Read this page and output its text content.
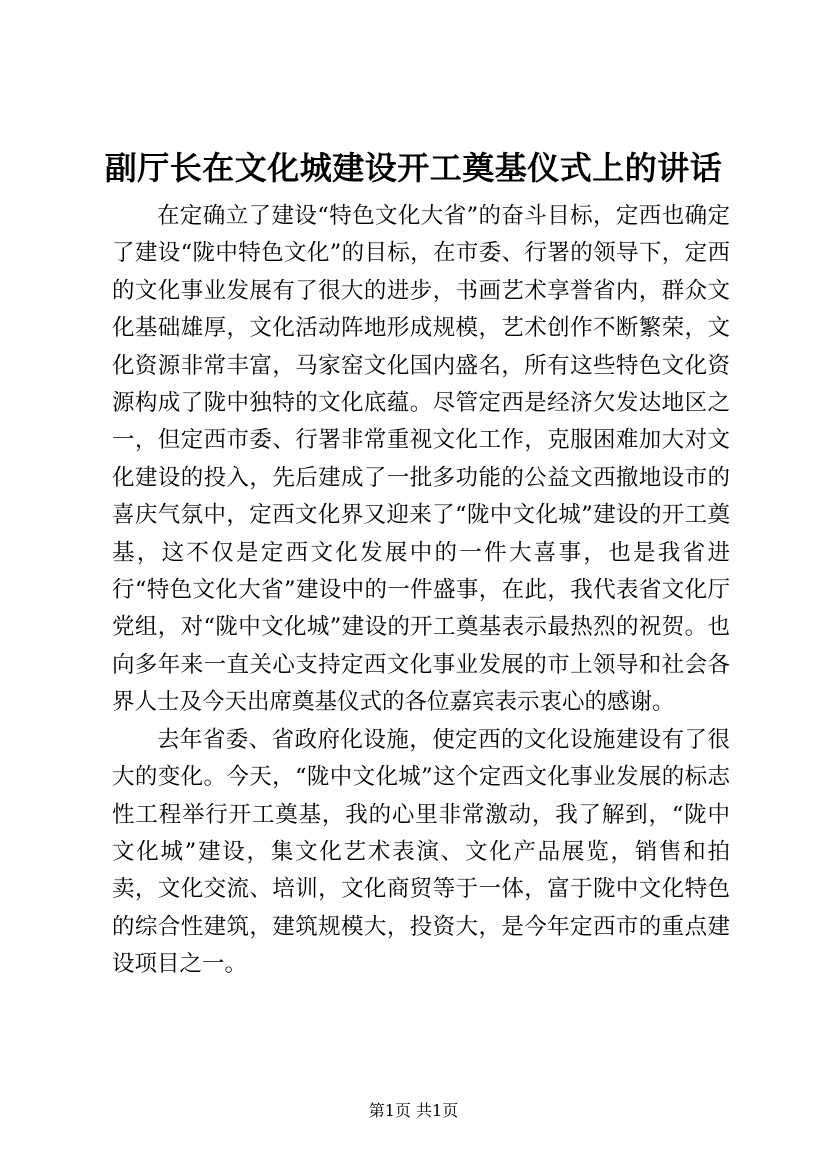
副厅长在文化城建设开工奠基仪式上的讲话

在定确立了建设“特色文化大省”的奋斗目标，定西也确定了建设“陇中特色文化”的目标，在市委、行署的领导下，定西的文化事业发展有了很大的进步，书画艺术享誉省内，群众文化基础雄厚，文化活动阵地形成规模，艺术创作不断繁荣，文化资源非常丰富，马家窑文化国内盛名，所有这些特色文化资源构成了陇中独特的文化底蕴。尽管定西是经济欠发达地区之一，但定西市委、行署非常重视文化工作，克服困难加大对文化建设的投入，先后建成了一批多功能的公益文西撤地设市的喜庆气氛中，定西文化界又迎来了“陇中文化城”建设的开工奠基，这不仅是定西文化发展中的一件大喜事，也是我省进行“特色文化大省”建设中的一件盛事，在此，我代表省文化厅党组，对“陇中文化城”建设的开工奠基表示最热烈的祝贺。也向多年来一直关心支持定西文化事业发展的市上领导和社会各界人士及今天出席奠基仪式的各位嘉宾表示衷心的感谢。

去年省委、省政府化设施，使定西的文化设施建设有了很大的变化。今天，“陇中文化城”这个定西文化事业发展的标志性工程举行开工奠基，我的心里非常激动，我了解到，“陇中文化城”建设，集文化艺术表演、文化产品展览，销售和拍卖，文化交流、培训，文化商贸等于一体，富于陇中文化特色的综合性建筑，建筑规模大，投资大，是今年定西市的重点建设项目之一。

第1页 共1页
